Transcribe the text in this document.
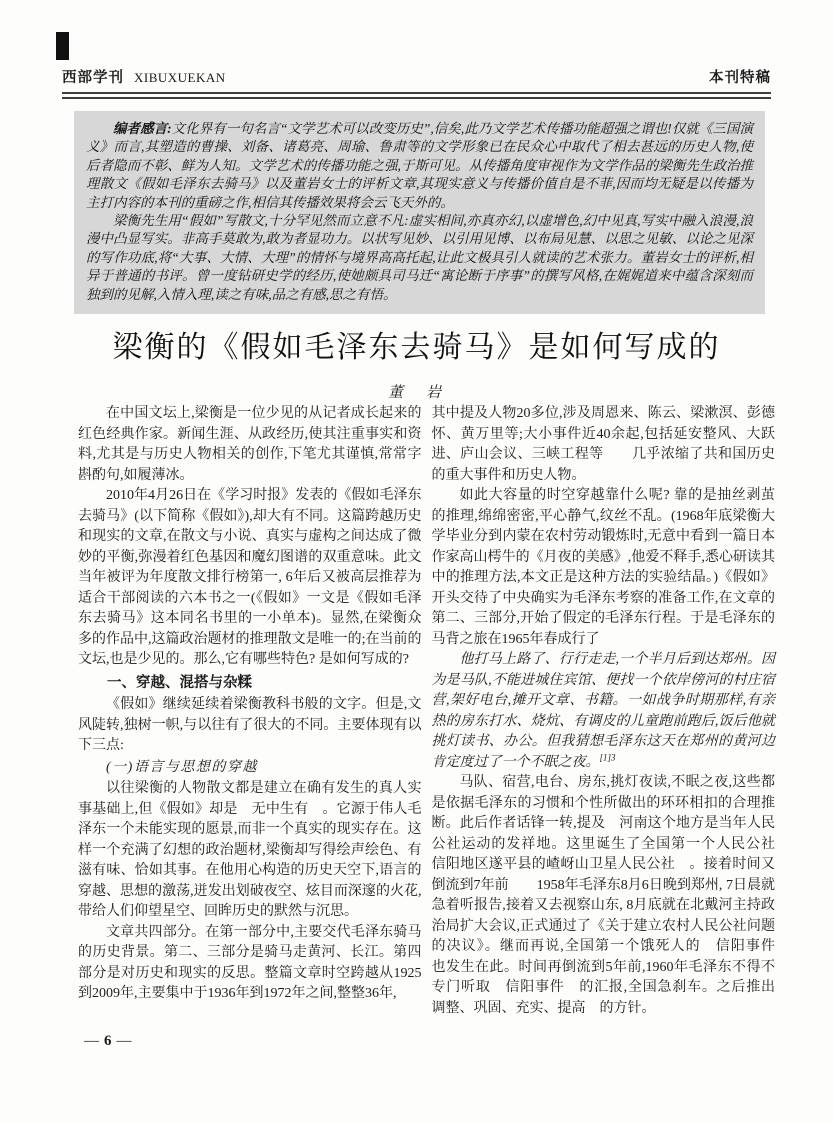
西部学刊 XIBUXUEKAN	本刊特稿

编者感言:文化界有一句名言“文学艺术可以改变历史”,信矣,此乃文学艺术传播功能超强之谓也!仅就《三国演义》而言,其塑造的曹操、刘备、诸葛亮、周瑜、鲁肃等的文学形象已在民众心中取代了相去甚远的历史人物,使后者隐而不彰、鲜为人知。文学艺术的传播功能之强,于斯可见。从传播角度审视作为文学作品的梁衡先生政治推理散文《假如毛泽东去骑马》以及董岩女士的评析文章,其现实意义与传播价值自是不菲,因而均无疑是以传播为主打内容的本刊的重磅之作,相信其传播效果将会云飞天外的。

梁衡先生用“假如”写散文,十分罕见然而立意不凡:虚实相间,亦真亦幻,以虚增色,幻中见真,写实中融入浪漫,浪漫中凸显写实。非高手莫敢为,敢为者显功力。以状写见妙、以引用见博、以布局见慧、以思之见敏、以论之见深的写作功底,将“大事、大情、大理”的情怀与境界高高托起,让此文极具引人就读的艺术张力。董岩女士的评析,相异于普通的书评。曾一度钻研史学的经历,使她颇具司马迁“寓论断于序事”的撰写风格,在娓娓道来中蕴含深刻而独到的见解,入情入理,读之有味,品之有感,思之有悟。

梁衡的《假如毛泽东去骑马》是如何写成的
董　岩

在中国文坛上,梁衡是一位少见的从记者成长起来的红色经典作家。新闻生涯、从政经历,使其注重事实和资料,尤其是与历史人物相关的创作,下笔尤其谨慎,常常字斟酌句,如履薄冰。

2010年4月26日在《学习时报》发表的《假如毛泽东去骑马》(以下简称《假如》),却大有不同。这篇跨越历史和现实的文章,在散文与小说、真实与虚构之间达成了微妙的平衡,弥漫着红色基因和魔幻图谱的双重意味。此文当年被评为年度散文排行榜第一, 6年后又被高层推荐为适合干部阅读的六本书之一(《假如》一文是《假如毛泽东去骑马》这本同名书里的一小单本)。显然,在梁衡众多的作品中,这篇政治题材的推理散文是唯一的;在当前的文坛,也是少见的。那么,它有哪些特色? 是如何写成的?

一、穿越、混搭与杂糅

《假如》继续延续着梁衡教科书般的文字。但是,文风陡转,独树一帜,与以往有了很大的不同。主要体现有以下三点:

(一)语言与思想的穿越

以往梁衡的人物散文都是建立在确有发生的真人实事基础上,但《假如》却是　无中生有　。它源于伟人毛泽东一个未能实现的愿景,而非一个真实的现实存在。这样一个充满了幻想的政治题材,梁衡却写得绘声绘色、有滋有味、恰如其事。在他用心构造的历史天空下,语言的穿越、思想的激荡,迸发出划破夜空、炫目而深邃的火花,带给人们仰望星空、回眸历史的默然与沉思。

文章共四部分。在第一部分中,主要交代毛泽东骑马的历史背景。第二、三部分是骑马走黄河、长江。第四部分是对历史和现实的反思。整篇文章时空跨越从1925到2009年,主要集中于1936年到1972年之间,整整36年,

其中提及人物20多位,涉及周恩来、陈云、梁漱溟、彭德怀、黄万里等;大小事件近40余起,包括延安整风、大跃进、庐山会议、三峡工程等　　几乎浓缩了共和国历史的重大事件和历史人物。

如此大容量的时空穿越靠什么呢? 靠的是抽丝剥茧的推理,绵绵密密,平心静气,纹丝不乱。(1968年底梁衡大学毕业分到内蒙在农村劳动锻炼时,无意中看到一篇日本作家高山樗牛的《月夜的美感》,他爱不释手,悉心研读其中的推理方法,本文正是这种方法的实验结晶。)《假如》开头交待了中央确实为毛泽东考察的准备工作,在文章的第二、三部分,开始了假定的毛泽东行程。于是毛泽东的马背之旅在1965年春成行了

他打马上路了、行行走走,一个半月后到达郑州。因为是马队,不能进城住宾馆、便找一个依岸傍河的村庄宿营,架好电台,摊开文章、书籍。一如战争时期那样,有亲热的房东打水、烧炕、有调皮的儿童跑前跑后,饭后他就挑灯读书、办公。但我猜想毛泽东这天在郑州的黄河边肯定度过了一个不眠之夜。$^{[1]3}$

马队、宿营,电台、房东,挑灯夜读,不眠之夜,这些都是依据毛泽东的习惯和个性所做出的环环相扣的合理推断。此后作者话锋一转,提及　河南这个地方是当年人民公社运动的发祥地。这里诞生了全国第一个人民公社　　信阳地区遂平县的嵖岈山卫星人民公社　。接着时间又倒流到7年前　　1958年毛泽东8月6日晚到郑州, 7日晨就急着听报告,接着又去视察山东, 8月底就在北戴河主持政治局扩大会议,正式通过了《关于建立农村人民公社问题的决议》。继而再说,全国第一个饿死人的　信阳事件　也发生在此。时间再倒流到5年前,1960年毛泽东不得不专门听取　信阳事件　的汇报,全国急刹车。之后推出　调整、巩固、充实、提高　的方针。

— 6 —
